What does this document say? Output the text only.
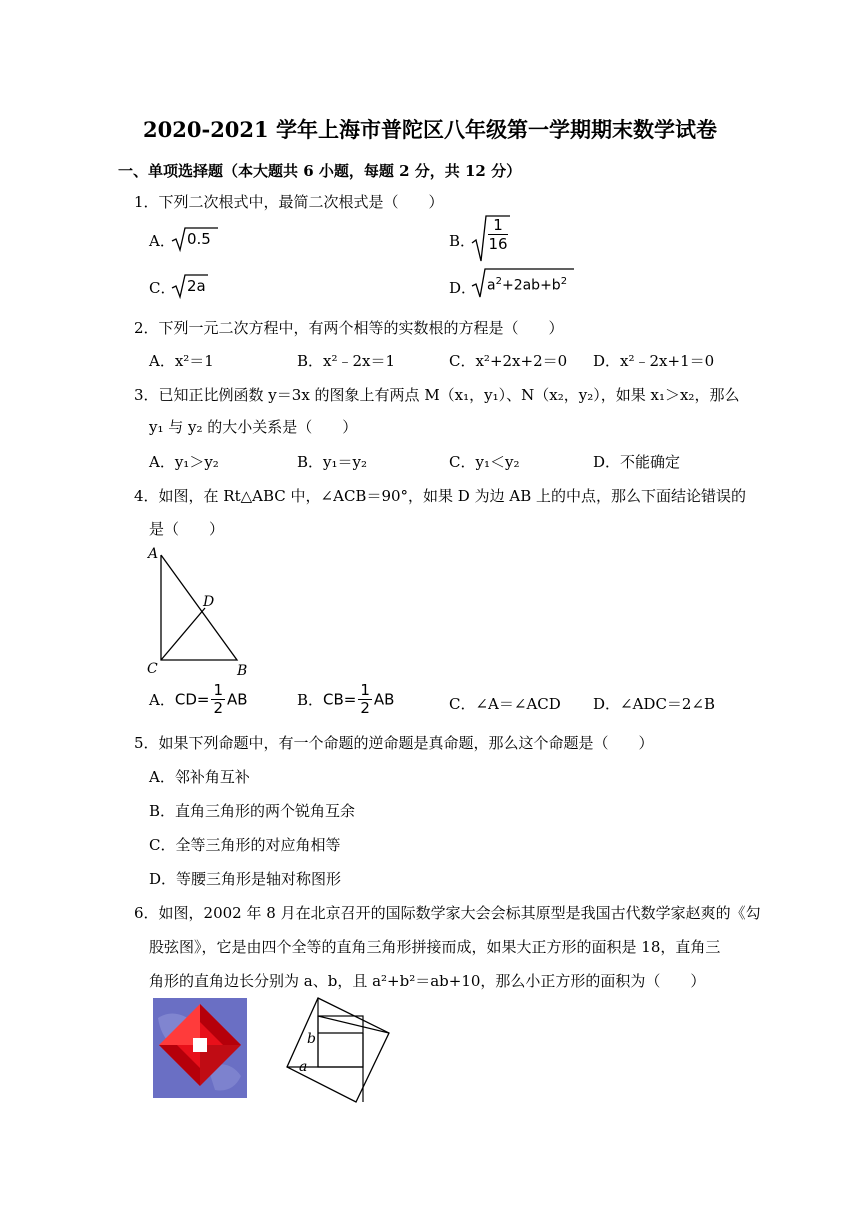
2020-2021 学年上海市普陀区八年级第一学期期末数学试卷
一、单项选择题（本大题共 6 小题，每题 2 分，共 12 分）
1．下列二次根式中，最简二次根式是（　　）
A． 0.5	B． $\frac{1}{16}$
C． 2a	D． $a^2+2ab+b^2$
2．下列一元二次方程中，有两个相等的实数根的方程是（　　）
A．x²＝1	B．x²﹣2x＝1	C．x²+2x+2＝0 D．x²﹣2x+1＝0
3．已知正比例函数 y＝3x 的图象上有两点 M（x₁，y₁）、N（x₂，y₂），如果 x₁＞x₂，那么
y₁ 与 y₂ 的大小关系是（　　）
A．y₁＞y₂	B．y₁＝y₂	C．y₁＜y₂	D．不能确定
4．如图，在 Rt△ABC 中，∠ACB＝90°，如果 D 为边 AB 上的中点，那么下面结论错误的
是（　　）
A
D
C	B
A．$CD= \frac{1}{2}$ AB	B．$CB= \frac{1}{2}$ AB	C．∠A＝∠ACD D．∠ADC＝2∠B
5．如果下列命题中，有一个命题的逆命题是真命题，那么这个命题是（　　）
A．邻补角互补
B．直角三角形的两个锐角互余
C．全等三角形的对应角相等
D．等腰三角形是轴对称图形
6．如图，2002 年 8 月在北京召开的国际数学家大会会标其原型是我国古代数学家赵爽的《勾
股弦图》，它是由四个全等的直角三角形拼接而成，如果大正方形的面积是 18，直角三
角形的直角边长分别为 a、b，且 a²+b²＝ab+10，那么小正方形的面积为（　　）
b
a
